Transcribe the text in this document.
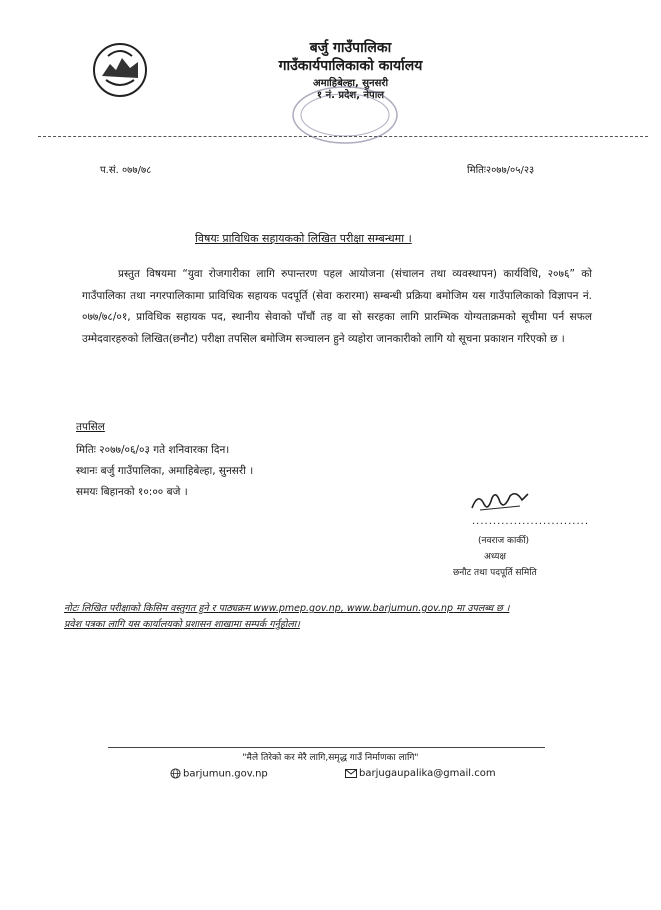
बर्जु गाउँपालिका
गाउँकार्यपालिकाको कार्यालय
अमाहिबेल्हा, सुनसरी
१ नं. प्रदेश, नेपाल
प.सं. ०७७/७८	मितिः२०७७/०५/२३
विषयः प्राविधिक सहायकको लिखित परीक्षा सम्बन्धमा ।
प्रस्तुत विषयमा “युवा रोजगारीका लागि रुपान्तरण पहल आयोजना (संचालन तथा व्यवस्थापन) कार्यविधि, २०७६” को गाउँपालिका तथा नगरपालिकामा प्राविधिक सहायक पदपूर्ति (सेवा करारमा) सम्बन्धी प्रक्रिया बमोजिम यस गाउँपालिकाको विज्ञापन नं. ०७७/७८/०१, प्राविधिक सहायक पद, स्थानीय सेवाको पाँचौं तह वा सो सरहका लागि प्रारम्भिक योग्यताक्रमको सूचीमा पर्न सफल उम्मेदवारहरुको लिखित(छनौट) परीक्षा तपसिल बमोजिम सञ्चालन हुने व्यहोरा जानकारीको लागि यो सूचना प्रकाशन गरिएको छ ।
तपसिल
मितिः २०७७/०६/०३ गते शनिवारका दिन।
स्थानः बर्जु गाउँपालिका, अमाहिबेल्हा, सुनसरी ।
समयः बिहानको १०:०० बजे ।
............................
(नवराज कार्की)
अध्यक्ष
छनौट तथा पदपूर्ति समिति
नोटः लिखित परीक्षाको किसिम वस्तुगत हुने र पाठ्यक्रम www.pmep.gov.np, www.barjumun.gov.np मा उपलब्ध छ ।
प्रवेश पत्रका लागि यस कार्यालयको प्रशासन शाखामा सम्पर्क गर्नुहोला।
"मैले तिरेको कर मेरै लागि,समृद्ध गाउँ निर्माणका लागि"
barjumun.gov.np	barjugaupalika@gmail.com
